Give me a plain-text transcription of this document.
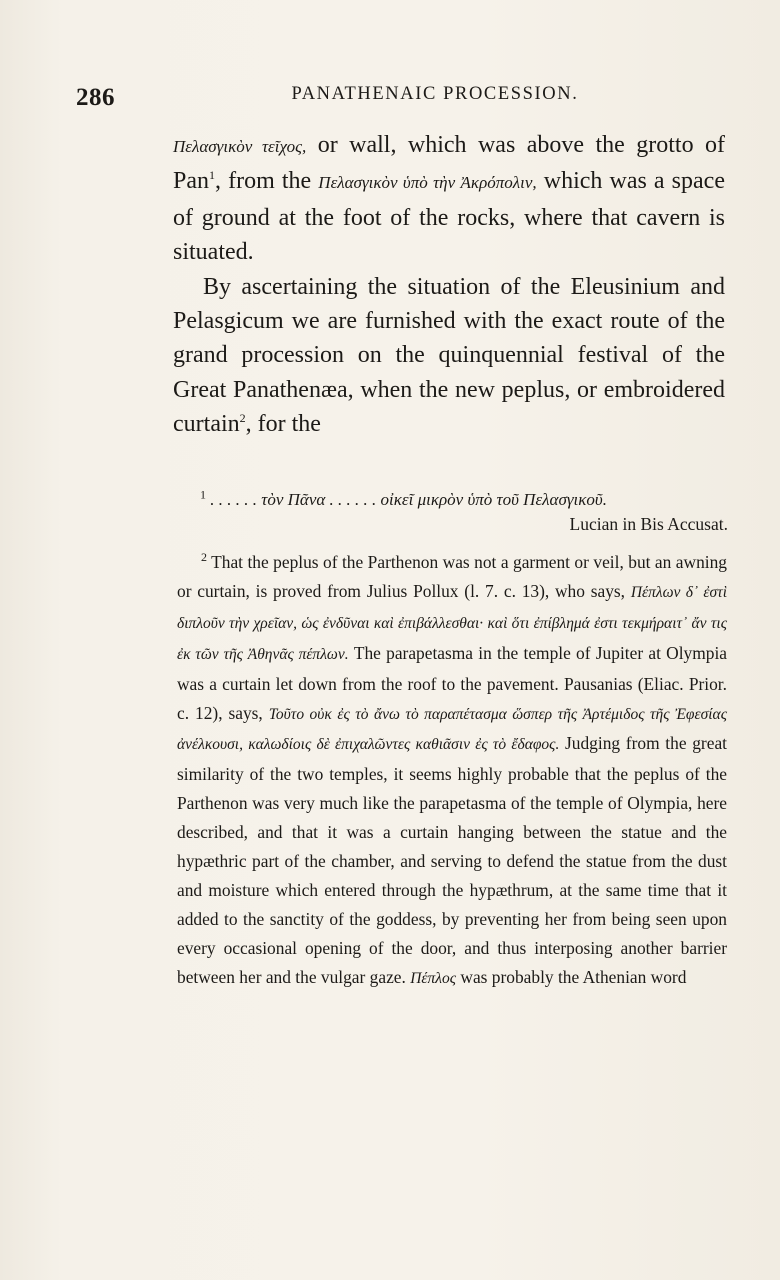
286	PANATHENAIC PROCESSION.

Πελασγικὸν τεῖχος, or wall, which was above the grotto of Pan$^1$, from the Πελασγικὸν ὑπὸ τὴν Ἀκρόπολιν, which was a space of ground at the foot of the rocks, where that cavern is situated.

By ascertaining the situation of the Eleusinium and Pelasgicum we are furnished with the exact route of the grand procession on the quinquennial festival of the Great Panathenæa, when the new peplus, or embroidered curtain$^2$, for the

$^1$ . . . . . . τὸν Πᾶνα . . . . . . οἰκεῖ μικρὸν ὑπὸ τοῦ Πελασγικοῦ.
Lucian in Bis Accusat.

$^2$ That the peplus of the Parthenon was not a garment or veil, but an awning or curtain, is proved from Julius Pollux (l. 7. c. 13), who says, Πέπλων δ᾽ ἐστὶ διπλοῦν τὴν χρεῖαν, ὡς ἐνδῦναι καὶ ἐπιβάλλεσθαι· καὶ ὅτι ἐπίβλημά ἐστι τεκμήραιτ᾽ ἄν τις ἐκ τῶν τῆς Ἀθηνᾶς πέπλων. The parapetasma in the temple of Jupiter at Olympia was a curtain let down from the roof to the pavement. Pausanias (Eliac. Prior. c. 12), says, Τοῦτο οὐκ ἐς τὸ ἄνω τὸ παραπέτασμα ὥσπερ τῆς Ἀρτέμιδος τῆς Ἐφεσίας ἀνέλκουσι, καλωδίοις δὲ ἐπιχαλῶντες καθιᾶσιν ἐς τὸ ἔδαφος. Judging from the great similarity of the two temples, it seems highly probable that the peplus of the Parthenon was very much like the parapetasma of the temple of Olympia, here described, and that it was a curtain hanging between the statue and the hypæthric part of the chamber, and serving to defend the statue from the dust and moisture which entered through the hypæthrum, at the same time that it added to the sanctity of the goddess, by preventing her from being seen upon every occasional opening of the door, and thus interposing another barrier between her and the vulgar gaze. Πέπλος was probably the Athenian word
